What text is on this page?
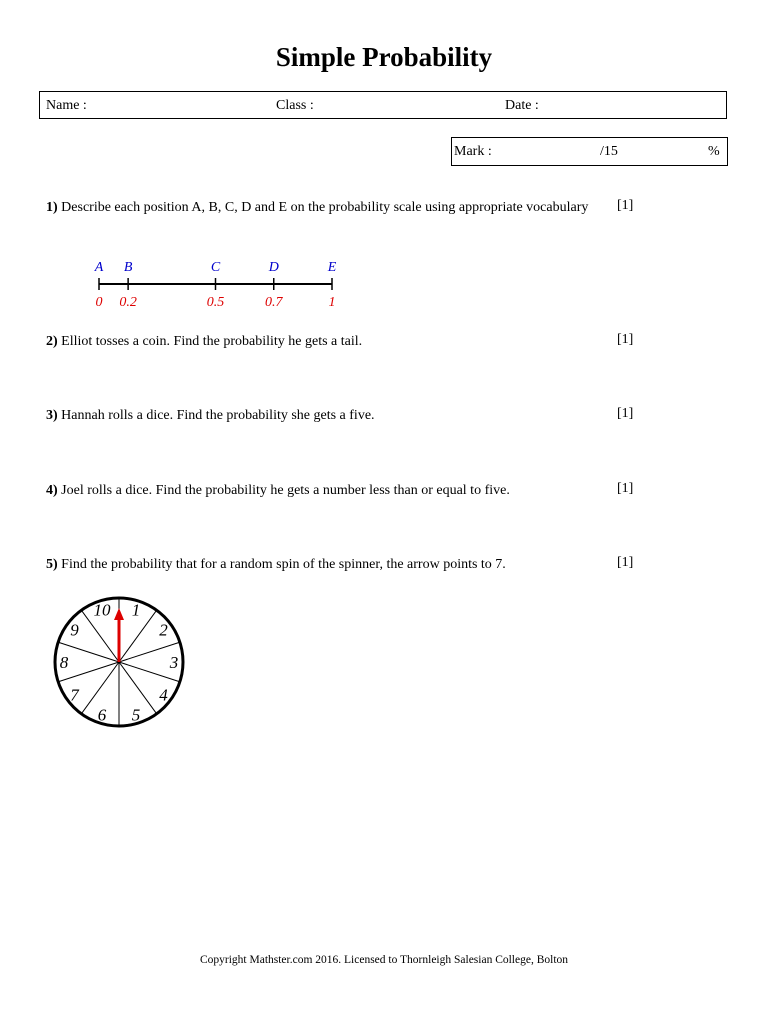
Simple Probability
Name :	Class :	Date :
Mark :	/15	%
1) Describe each position A, B, C, D and E on the probability scale using appropriate vocabulary [1]
A
0
B
0.2
C
0.5
D
0.7
E
1
2) Elliot tosses a coin. Find the probability he gets a tail.	[1]
3) Hannah rolls a dice. Find the probability she gets a five.	[1]
4) Joel rolls a dice. Find the probability he gets a number less than or equal to five.	[1]
5) Find the probability that for a random spin of the spinner, the arrow points to 7.	[1]
1
2
3
4
5
6
7
8
9
10
Copyright Mathster.com 2016. Licensed to Thornleigh Salesian College, Bolton
